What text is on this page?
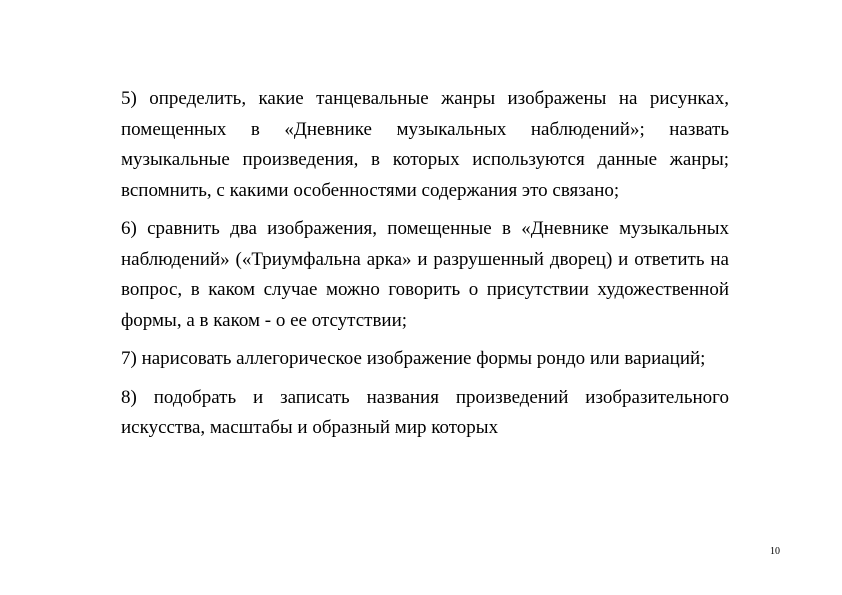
5) определить, какие танцевальные жанры изображены на рисунках, помещенных в «Дневнике музыкальных наблюдений»; назвать музыкальные произведения, в которых используются данные жанры; вспомнить, с какими особенностями содержания это связано;

6) сравнить два изображения, помещенные в «Дневнике музыкальных наблюдений» («Триумфальна арка» и разрушенный дворец) и ответить на вопрос, в каком случае можно говорить о присутствии художественной формы, а в каком - о ее отсутствии;

7) нарисовать аллегорическое изображение формы рондо или вариаций;

8) подобрать и записать названия произведений изобразительного искусства, масштабы и образный мир которых

10
